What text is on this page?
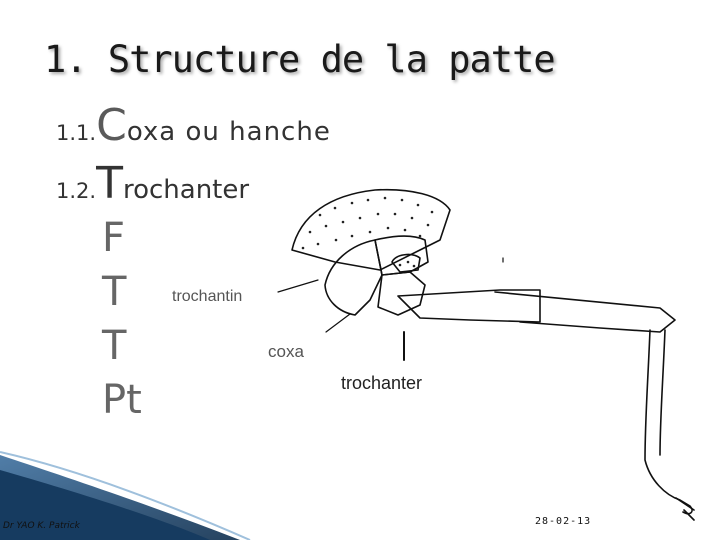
1. Structure de la patte
1.1.Coxa ou hanche
1.2.Trochanter
F
T
T
Pt
trochantin
coxa
trochanter
Dr YAO K. Patrick	28-02-13
